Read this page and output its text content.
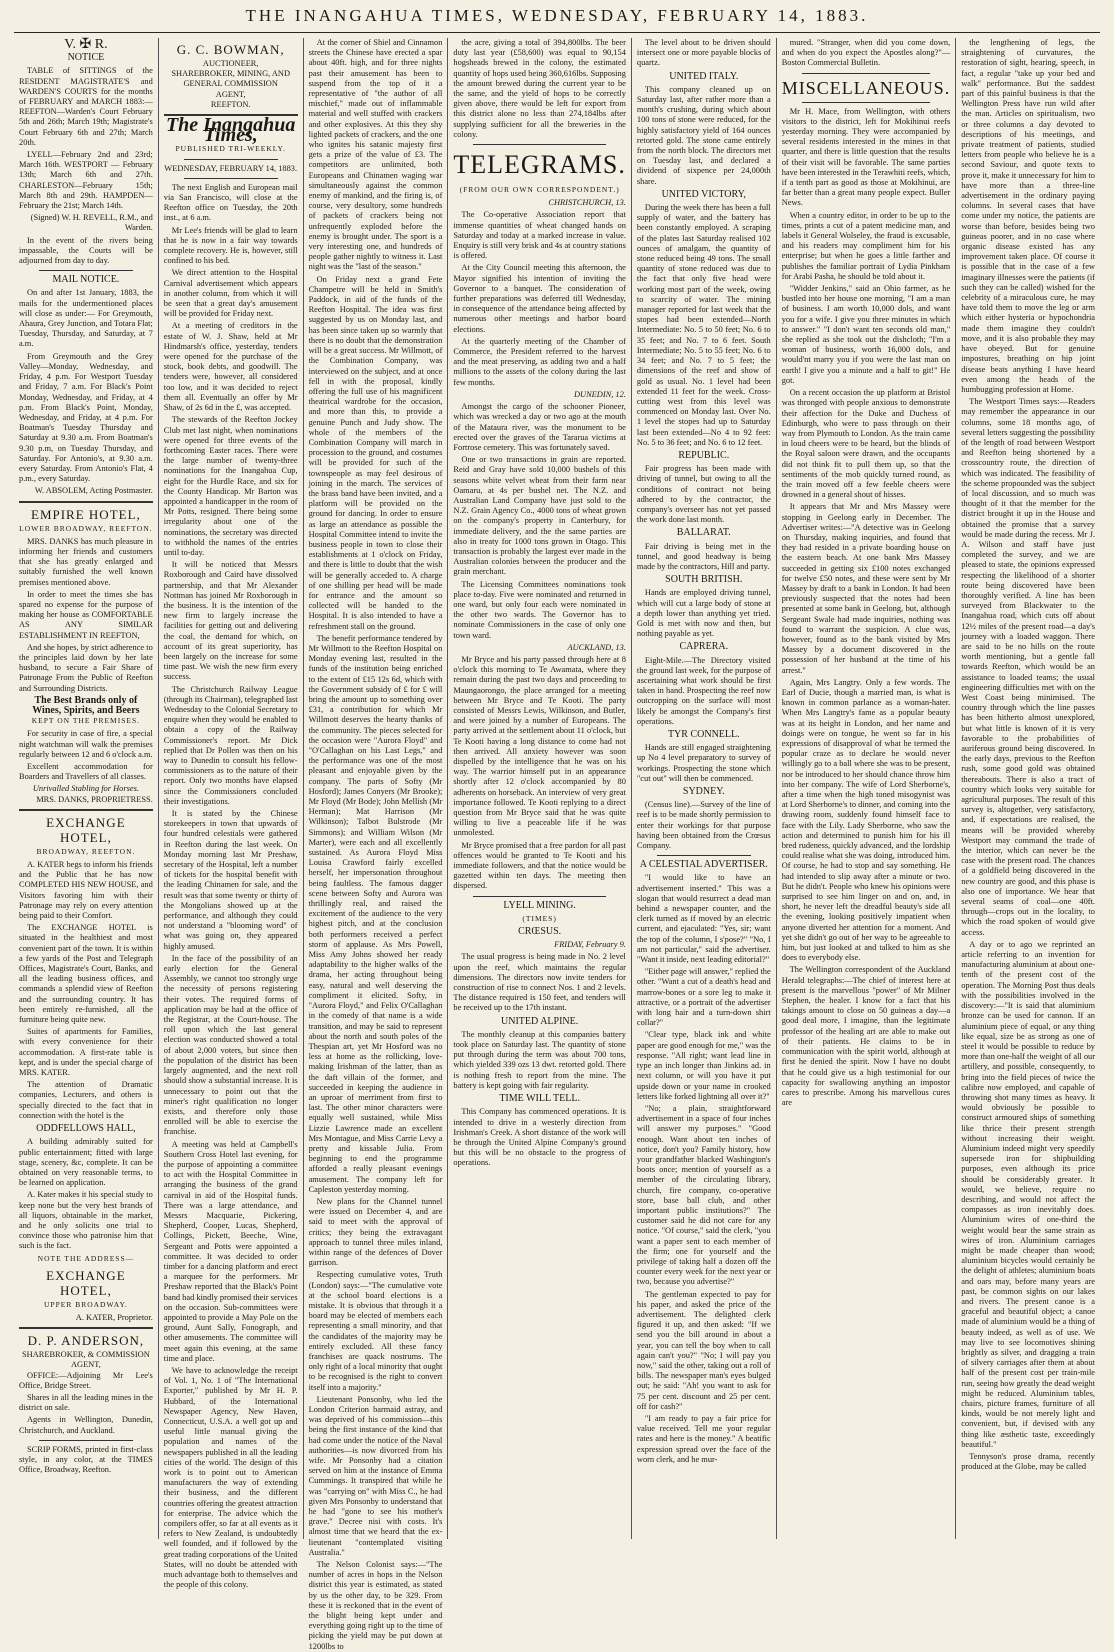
THE INANGAHUA TIMES, WEDNESDAY, FEBRUARY 14, 1883.
V. ✠ R.
NOTICE

TABLE of SITTINGS of the RESIDENT MAGISTRATE'S and WARDEN'S COURTS for the months of FEBRUARY and MARCH 1883:— REEFTON—Warden's Court February 5th and 26th; March 19th; Magistrate's Court February 6th and 27th; March 20th.

LYELL—February 2nd and 23rd; March 16th. WESTPORT — February 13th; March 6th and 27th. CHARLESTON—February 15th; March 8th and 29th. HAMPDEN—February the 21st; March 14th.

(Signed) W. H. REVELL, R.M., and Warden.

In the event of the rivers being impassable, the Courts will be adjourned from day to day.

MAIL NOTICE.

On and after 1st January, 1883, the mails for the undermentioned places will close as under:— For Greymouth, Ahaura, Grey Junction, and Totara Flat; Tuesday, Thursday, and Saturday, at 7 a.m.

From Greymouth and the Grey Valley—Monday, Wednesday, and Friday, 4 p.m. For Westport Tuesday and Friday, 7 a.m. For Black's Point Monday, Wednesday, and Friday, at 4 p.m. From Black's Point, Monday, Wednesday, and Friday, at 4 p.m. For Boatman's Tuesday Thursday and Saturday at 9.30 a.m. From Boatman's 9.30 p.m, on Tuesday Thursday, and Saturday. For Antonio's, at 9.30 a.m. every Saturday. From Antonio's Flat, 4 p.m., every Saturday.

W. ABSOLEM, Acting Postmaster.

EMPIRE HOTEL,
LOWER BROADWAY, REEFTON.

MRS. DANKS has much pleasure in informing her friends and customers that she has greatly enlarged and suitably furnished the well known premises mentioned above.

In order to meet the times she has spared no expense for the purpose of making her house as COMFORTABLE AS ANY SIMILAR ESTABLISHMENT IN REEFTON,

And she hopes, by strict adherence to the principles laid down by her late husband, to secure a Fair Share of Patronage From the Public of Reefton and Surrounding Districts.

The Best Brands only of Wines, Spirits, and Beers
KEPT ON THE PREMISES.

For security in case of fire, a special night watchman will walk the premises regularly between 12 and 6 o'clock a.m.

Excellent accommodation for Boarders and Travellers of all classes.

Unrivalled Stabling for Horses.

MRS. DANKS, PROPRIETRESS.

EXCHANGE HOTEL,
BROADWAY, REEFTON.

A. KATER begs to inform his friends and the Public that he has now COMPLETED HIS NEW HOUSE, and Visitors favoring him with their Patronage may rely on every attention being paid to their Comfort.

The EXCHANGE HOTEL is situated in the healthiest and most convenient part of the town. It is within a few yards of the Post and Telegraph Offices, Magistrate's Court, Banks, and all the leading business offices, and commands a splendid view of Reefton and the surrounding country. It has been entirely re-furnished, all the furniture being quite new.

Suites of apartments for Families, with every convenience for their accommodation. A first-rate table is kept, and is under the special charge of MRS. KATER.

The attention of Dramatic companies, Lecturers, and others is specially directed to the fact that in connection with the hotel is the

ODDFELLOWS HALL,

A building admirably suited for public entertainment; fitted with large stage, scenery, &c, complete. It can be obtained on very reasonable terms, to be learned on application.

A. Kater makes it his special study to keep none but the very best brands of all liquors, obtainable in the market, and he only solicits one trial to convince those who patronise him that such is the fact.

NOTE THE ADDRESS—
EXCHANGE HOTEL,
UPPER BROADWAY.

A. KATER, Proprietor.

D. P. ANDERSON,
SHAREBROKER, & COMMISSION AGENT,

OFFICE:—Adjoining Mr Lee's Office, Bridge Street.

Shares in all the leading mines in the district on sale.

Agents in Wellington, Dunedin, Christchurch, and Auckland.

SCRIP FORMS, printed in first-class style, in any color, at the TIMES Office, Broadway, Reefton.

G. C. BOWMAN,
AUCTIONEER,
SHAREBROKER, MINING, AND
GENERAL COMMISSION
AGENT,
REEFTON.
The Inangahua Times,
PUBLISHED TRI-WEEKLY.
WEDNESDAY, FEBRUARY 14, 1883.

The next English and European mail via San Francisco, will close at the Reefton office on Tuesday, the 20th inst., at 6 a.m.

Mr Lee's friends will be glad to learn that he is now in a fair way towards complete recovery. He is, however, still confined to his bed.

We direct attention to the Hospital Carnival advertisement which appears in another column, from which it will be seen that a great day's amusement will be provided for Friday next.

At a meeting of creditors in the estate of W. J. Shaw, held at Mr Hindmarsh's office, yesterday, tenders were opened for the purchase of the stock, book debts, and goodwill. The tenders were, however, all considered too low, and it was decided to reject them all. Eventually an offer by Mr Shaw, of 2s 6d in the £, was accepted.

The stewards of the Reefton Jockey Club met last night, when nominations were opened for three events of the forthcoming Easter races. There were the large number of twenty-three nominations for the Inangahua Cup, eight for the Hurdle Race, and six for the County Handicap. Mr Barton was appointed a handicapper in the room of Mr Potts, resigned. There being some irregularity about one of the nominations, the secretary was directed to withhold the names of the entries until to-day.

It will be noticed that Messrs Roxborough and Caird have dissolved partnership, and that Mr Alexander Nottman has joined Mr Roxborough in the business. It is the intention of the new firm to largely increase the facilities for getting out and delivering the coal, the demand for which, on account of its great superiority, has been largely on the increase for some time past. We wish the new firm every success.

The Christchurch Railway League (through its Chairman), telegraphed last Wednesday to the Colonial Secretary to enquire when they would be enabled to obtain a copy of the Railway Commissioner's report. Mr Dick replied that Dr Pollen was then on his way to Dunedin to consult his fellow-commissioners as to the nature of their report. Only two months have elapsed since the Commissioners concluded their investigations.

It is stated by the Chinese storekeepers in town that upwards of four hundred celestials were gathered in Reefton during the last week. On Monday morning last Mr Preshaw, secretary of the Hospital, left a number of tickets for the hospital benefit with the leading Chinamen for sale, and the result was that some twenty or thirty of the Mongolians showed up at the performance, and although they could not understand a "blooming word" of what was going on, they appeared highly amused.

In the face of the possibility of an early election for the General Assembly, we cannot too strongly urge the necessity of persons registering their votes. The required forms of application may be had at the office of the Registrar, at the Court-house. The roll upon which the last general election was conducted showed a total of about 2,000 voters, but since then the population of the district has been largely augmented, and the next roll should show a substantial increase. It is unnecessary to point out that the miner's right qualification no longer exists, and therefore only those enrolled will be able to exercise the franchise.

A meeting was held at Campbell's Southern Cross Hotel last evening, for the purpose of appointing a committee to act with the Hospital Committee in arranging the business of the grand carnival in aid of the Hospital funds. There was a large attendance, and Messrs Macquarie, Pickering, Shepherd, Cooper, Lucas, Shepherd, Collings, Pickett, Beeche, Wine, Sergeant and Potts were appointed a committee. It was decided to order timber for a dancing platform and erect a marquee for the performers. Mr Preshaw reported that the Black's Point band had kindly promised their services on the occasion. Sub-committees were appointed to provide a May Pole on the ground, Aunt Sally, Fonograph, and other amusements. The committee will meet again this evening, at the same time and place.

We have to acknowledge the receipt of Vol. 1, No. 1 of "The International Exporter," published by Mr H. P. Hubbard, of the International Newspaper Agency, New Haven, Connecticut, U.S.A. a well got up and useful little manual giving the population and names of the newspapers published in all the leading cities of the world. The design of this work is to point out to American manufacturers the way of extending their business, and the different countries offering the greatest attraction for enterprise. The advice which the compilers offer, so far at all events as it refers to New Zealand, is undoubtedly well founded, and if followed by the great trading corporations of the United States, will no doubt be attended with much advantage both to themselves and the people of this colony.

At the corner of Shiel and Cinnamon streets the Chinese have erected a spar about 40ft. high, and for three nights past their amusement has been to suspend from the top of it a representative of "the author of all mischief," made out of inflammable material and well stuffed with crackers and other explosives. At this they shy lighted packets of crackers, and the one who ignites his satanic majesty first gets a prize of the value of £3. The competitors are unlimited, both Europeans and Chinamen waging war simultaneously against the common enemy of mankind, and the firing is, of course, very desultory, some hundreds of packets of crackers being not unfrequently exploded before the enemy is brought under. The sport is a very interesting one, and hundreds of people gather nightly to witness it. Last night was the "last of the season."

On Friday next a grand Fete Champetre will be held in Smith's Paddock, in aid of the funds of the Reefton Hospital. The idea was first suggested by us on Monday last, and has been since taken up so warmly that there is no doubt that the demonstration will be a great success. Mr Willmott, of the Combination Company, was interviewed on the subject, and at once fell in with the proposal, kindly offering the full use of his magnificent theatrical wardrobe for the occasion, and more than this, to provide a genuine Punch and Judy show. The whole of the members of the Combination Company will march in procession to the ground, and costumes will be provided for such of the townspeople as may feel desirous of joining in the march. The services of the brass band have been invited, and a platform will be provided on the ground for dancing. In order to ensure as large an attendance as possible the Hospital Committee intend to invite the business people in town to close their establishments at 1 o'clock on Friday, and there is little to doubt that the wish will be generally acceded to. A charge of one shilling per head will be made for entrance and the amount so collected will be handed to the Hospital. It is also intended to have a refreshment stall on the ground.

The benefit performance tendered by Mr Willmott to the Reefton Hospital on Monday evening last, resulted in the funds of the institution being enriched to the extent of £15 12s 6d, which with the Government subsidy of £ for £ will bring the amount up to something over £31, a contribution for which Mr Willmott deserves the hearty thanks of the community. The pieces selected for the occasion were "Aurora Floyd" and "O'Callaghan on his Last Legs," and the performance was one of the most pleasant and enjoyable given by the company. The parts of Softy (Mr Hosford); James Conyers (Mr Brooke); Mr Floyd (Mr Bode); John Mellish (Mr Herman); Mat Harrison (Mr Wilkinson); Talbot Bulstrode (Mr Simmons); and William Wilson (Mr Marter), were each and all excellently sustained. As Aurora Floyd Miss Louisa Crawford fairly excelled herself, her impersonation throughout being faultless. The famous dagger scene between Softy and Aurora was thrillingly real, and raised the excitement of the audience to the very highest pitch, and at the conclusion both performers received a perfect storm of applause. As Mrs Powell, Miss Amy Johns showed her ready adaptability to the higher walks of the drama, her acting throughout being easy, natural and well deserving the compliment it elicited. Softy, in "Aurora Floyd," and Felix O'Callaghan in the comedy of that name is a wide transition, and may be said to represent about the north and south poles of the Thespian art, yet Mr Hosford was no less at home as the rollicking, love-making Irishman of the latter, than as the daft villain of the former, and succeeded in keeping the audience in an uproar of merriment from first to last. The other minor characters were equally well sustained, while Miss Lizzie Lawrence made an excellent Mrs Montague, and Miss Carrie Levy a pretty and kissable Julia. From beginning to end the programme afforded a really pleasant evenings amusement. The company left for Capleston yesterday morning.

New plans for the Channel tunnel were issued on December 4, and are said to meet with the approval of critics; they being the extravagant approach to tunnel three miles inland, within range of the defences of Dover garrison.

Respecting cumulative votes, Truth (London) says:—"The cumulative vote at the school board elections is a mistake. It is obvious that through it a board may be elected of members each representing a small minority, and that the candidates of the majority may be entirely excluded. All these fancy franchises are quack nostrums. The only right of a local minority that ought to be recognised is the right to convert itself into a majority."

Lieutenant Ponsonby, who led the London Criterion barmaid astray, and was deprived of his commission—this being the first instance of the kind that had come under the notice of the Naval authorities—is now divorced from his wife. Mr Ponsonby had a citation served on him at the instance of Emma Cummings. It transpired that while he was "carrying on" with Miss C., he had given Mrs Ponsonby to understand that he had "gone to see his mother's grave." Decree nisi with costs. It's almost time that we heard that the ex-lieutenant "contemplated visiting Australia."

The Nelson Colonist says:—"The number of acres in hops in the Nelson district this year is estimated, as stated by us the other day, to be 329. From these it is reckoned that in the event of the blight being kept under and everything going right up to the time of picking the yield may be put down at 1200lbs to

the acre, giving a total of 394,800lbs. The beer duty last year (£58,600) was equal to 90,154 hogsheads brewed in the colony, the estimated quantity of hops used being 360,616lbs. Supposing the amount brewed during the current year to be the same, and the yield of hops to be correctly given above, there would be left for export from this district alone no less than 274,184lbs after supplying sufficient for all the breweries in the colony.

TELEGRAMS.
(FROM OUR OWN CORRESPONDENT.)
CHRISTCHURCH, 13.

The Co-operative Association report that immense quantities of wheat changed hands on Saturday and today at a marked increase in value. Enquiry is still very brisk and 4s at country stations is offered.

At the City Council meeting this afternoon, the Mayor signified his intention of inviting the Governor to a banquet. The consideration of further preparations was deferred till Wednesday, in consequence of the attendance being affected by numerous other meetings and harbor board elections.

At the quarterly meeting of the Chamber of Commerce, the President referred to the harvest and the meat preserving, as adding two and a half millions to the assets of the colony during the last few months.

DUNEDIN, 12.

Amongst the cargo of the schooner Pioneer, which was wrecked a day or two ago at the mouth of the Mataura river, was the monument to be erected over the graves of the Tararua victims at Fortrose cemetery. This was fortunately saved.

One or two transactions in grain are reported. Reid and Gray have sold 10,000 bushels of this seasons white velvet wheat from their farm near Oamaru, at 4s per bushel net. The N.Z. and Australian Land Company have just sold to the N.Z. Grain Agency Co., 4000 tons of wheat grown on the company's property in Canterbury, for immediate delivery, and the the same parties are also in treaty for 1000 tons grown in Otago. This transaction is probably the largest ever made in the Australian colonies between the producer and the grain merchant.

The Licensing Committees nominations took place to-day. Five were nominated and returned in one ward, but only four each were nominated in the other two wards. The Governor has to nominate Commissioners in the case of only one town ward.

AUCKLAND, 13.

Mr Bryce and his party passed through here at 8 o'clock this morning to Te Awamata, where they remain during the past two days and proceeding to Maungaorongo, the place arranged for a meeting between Mr Bryce and Te Kooti. The party consisted of Messrs Lewis, Wilkinson, and Butler, and were joined by a number of Europeans. The party arrived at the settlement about 11 o'clock, but Te Kooti having a long distance to come had not then arrived. All anxiety however was soon dispelled by the intelligence that he was on his way. The warrior himself put in an appearance shortly after 12 o'clock accompanied by 80 adherents on horseback. An interview of very great importance followed. Te Kooti replying to a direct question from Mr Bryce said that he was quite willing to live a peaceable life if he was unmolested.

Mr Bryce promised that a free pardon for all past offences would be granted to Te Kooti and his immediate followers, and that the notice would be gazetted within ten days. The meeting then dispersed.

LYELL MINING.
(TIMES)
CRŒSUS.
FRIDAY, February 9.

The usual progress is being made in No. 2 level upon the reef, which maintains the regular dimensions. The directors now invite tenders for construction of rise to connect Nos. 1 and 2 levels. The distance required is 150 feet, and tenders will be received up to the 17th instant.

UNITED ALPINE.

The monthly cleanup at this companies battery took place on Saturday last. The quantity of stone put through during the term was about 700 tons, which yielded 339 ozs 13 dwt. retorted gold. There is nothing fresh to report from the mine. The battery is kept going with fair regularity.

TIME WILL TELL.

This Company has commenced operations. It is intended to drive in a westerly direction from Irishman's Creek. A short distance of the work will be through the United Alpine Company's ground but this will be no obstacle to the progress of operations.

The level about to be driven should intersect one or more payable blocks of quartz.

UNITED ITALY.

This company cleaned up on Saturday last, after rather more than a month's crushing, during which about 100 tons of stone were reduced, for the highly satisfactory yield of 164 ounces retorted gold. The stone came entirely from the north block. The directors met on Tuesday last, and declared a dividend of sixpence per 24,000th share.

UNITED VICTORY,

During the week there has been a full supply of water, and the battery has been constantly employed. A scraping of the plates last Saturday realised 102 ounces of amalgam, the quantity of stone reduced being 49 tons. The small quantity of stone reduced was due to the fact that only five head were working most part of the week, owing to scarcity of water. The mining manager reported for last week that the stopes had been extended—North Intermediate: No. 5 to 50 feet; No. 6 to 35 feet; and No. 7 to 6 feet. South Intermediate; No. 5 to 55 feet; No. 6 to 34 feet; and No. 7 to 5 feet; the dimensions of the reef and show of gold as usual. No. 1 level had been extended 11 feet for the week. Cross-cutting west from this level was commenced on Monday last. Over No. 1 level the stopes had up to Saturday last been extended—No 4 to 92 feet: No. 5 to 36 feet; and No. 6 to 12 feet.

REPUBLIC.

Fair progress has been made with driving of tunnel, but owing to all the conditions of contract not being adhered to by the contractor, the company's overseer has not yet passed the work done last month.

BALLARAT.

Fair driving is being met in the tunnel, and good headway is being made by the contractors, Hill and party.

SOUTH BRITISH.

Hands are employed driving tunnel, which will cut a large body of stone at a depth lower than anything yet tried. Gold is met with now and then, but nothing payable as yet.

CAPRERA.

Eight-Mile.—The Directory visited the ground last week, for the purpose of ascertaining what work should be first taken in hand. Prospecting the reef now outcropping on the surface will most likely be amongst the Company's first operations.

TYR CONNELL.

Hands are still engaged straightening up No 4 level preparatory to survey of workings. Prospecting the stone which "cut out" will then be commenced.

SYDNEY.

(Census line).—Survey of the line of reef is to be made shortly permission to enter their workings for that purpose having been obtained from the Crœsus Company.

A CELESTIAL ADVERTISER.

"I would like to have an advertisement inserted." This was a slogan that would resurrect a dead man behind a newspaper counter, and the clerk turned as if moved by an electric current, and ejaculated: "Yes, sir; want the top of the column, I s'pose?" "No, I am not particular," said the advertiser. "Want it inside, next leading editorial?"

"Either page will answer," replied the other. "Want a cut of a death's head and marrow-bones or a sore leg to make it attractive, or a portrait of the advertiser with long hair and a turn-down shirt collar?"

"Clear type, black ink and white paper are good enough for me," was the response. "All right; want lead line in type an inch longer than Jinkins ad. in next column, or will you have it put upside down or your name in crooked letters like forked lightning all over it?"

"No; a plain, straightforward advertisement in a space of four inches will answer my purposes." "Good enough. Want about ten inches of notice, don't you? Family history, how your grandfather blacked Washington's boots once; mention of yourself as a member of the circulating library, church, fire company, co-operative store, base ball club, and other important public institutions?" The customer said he did not care for any notice. "Of course," said the clerk, "you want a paper sent to each member of the firm; one for yourself and the privilege of taking half a dozen off the counter every week for the next year or two, because you advertise?"

The gentleman expected to pay for his paper, and asked the price of the advertisement. The delighted clerk figured it up, and then asked: "If we send you the bill around in about a year, you can tell the boy when to call again can't you?" "No; I will pay you now," said the other, taking out a roll of bills. The newspaper man's eyes bulged out; he said: "Ah! you want to ask for 75 per cent. discount and 25 per cent. off for cash?"

"I am ready to pay a fair price for value received. Tell me your regular rates and here is the money." A beatific expression spread over the face of the worn clerk, and he mur-

mured. "Stranger, when did you come down, and when do you expect the Apostles along?"—Boston Commercial Bulletin.

MISCELLANEOUS.

Mr H. Mace, from Wellington, with others visitors to the district, left for Mokihinui reefs yesterday morning. They were accompanied by several residents interested in the mines in that quarter, and there is little question that the results of their visit will be favorable. The same parties have been interested in the Terawhiti reefs, which, if a tenth part as good as those at Mokihinui, are far better than a great many people expect. Buller News.

When a country editor, in order to be up to the times, prints a cut of a patent medicine man, and labels it General Wolseley, the fraud is excusable, and his readers may compliment him for his enterprise; but when he goes a little farther and publishes the familiar portrait of Lydia Pinkham for Arabi Pasha, he should be told about it.

"Widder Jenkins," said an Ohio farmer, as he bustled into her house one morning, "I am a man of business. I am worth 10,000 dols, and want you for a wife. I give you three minutes in which to answer." "I don't want ten seconds old man," she replied as she took out the dishcloth; "I'm a woman of business, worth 16,000 dols, and would'nt marry you if you were the last man on earth! I give you a minute and a half to git!" He got.

On a recent occasion the up platform at Bristol was thronged with people anxious to demonstrate their affection for the Duke and Duchess of Edinburgh, who were to pass through on their way from Plymouth to London. As the train came in loud cheers were to be heard, but the blinds of the Royal saloon were drawn, and the occupants did not think fit to pull them up, so that the sentiments of the mob quickly turned round, as the train moved off a few feeble cheers were drowned in a general shout of hisses.

It appears that Mr and Mrs Massey were stopping in Geelong early in December. The Advertiser writes:—"A detective was in Geelong on Thursday, making inquiries, and found that they had resided in a private boarding house on the eastern beach. At one bank Mrs Massey succeeded in getting six £100 notes exchanged for twelve £50 notes, and these were sent by Mr Massey by draft to a bank in London. It had been previously suspected that the notes had been presented at some bank in Geelong, but, although Sergeant Swale had made inquiries, nothing was found to warrant the suspicion. A clue was, however, found as to the bank visited by Mrs Massey by a document discovered in the possession of her husband at the time of his arrest."

Again, Mrs Langtry. Only a few words. The Earl of Ducie, though a married man, is what is known in common parlance as a woman-hater. When Mrs Langtry's fame as a popular beauty was at its height in London, and her name and doings were on tongue, he went so far in his expressions of disapproval of what he termed the popular craze as to declare he would never willingly go to a ball where she was to be present, nor be introduced to her should chance throw him into her company. The wife of Lord Sherborne's, after a time when the high toned misogynist was at Lord Sherborne's to dinner, and coming into the drawing room, suddenly found himself face to face with the Lily. Lady Sherborne, who saw the action and determined to punish him for his ill bred rudeness, quickly advanced, and the lordship could realise what she was doing, introduced him. Of course, he had to stop and say something. He had intended to slip away after a minute or two. But he didn't. People who knew his opinions were surprised to see him linger on and on, and, in short, he never left the dreadful beauty's side all the evening, looking positively impatient when anyone diverted her attention for a moment. And yet she didn't go out of her way to be agreeable to him, but just looked at and talked to him as she does to everybody else.

The Wellington correspondent of the Auckland Herald telegraphs:—The chief of interest here at present is the marvellous "power" of Mr Milner Stephen, the healer. I know for a fact that his takings amount to close on 50 guineas a day—a good deal more, I imagine, than the legitimate professor of the healing art are able to make out of their patients. He claims to be in communication with the spirit world, although at first he denied the spirit. Now I have no doubt that he could give us a high testimonial for our capacity for swallowing anything an impostor cares to prescribe. Among his marvellous cures are

the lengthening of legs, the straightening of curvatures, the restoration of sight, hearing, speech, in fact, a regular "take up your bed and walk" performance. But the saddest part of this painful business is that the Wellington Press have run wild after the man. Articles on spiritualism, two or three columns a day devoted to descriptions of his meetings, and private treatment of patients, studied letters from people who believe he is a second Saviour, and quote texts to prove it, make it unnecessary for him to have more than a three-line advertisement in the ordinary paying columns. In several cases that have come under my notice, the patients are worse than before, besides being two guineas poorer, and in no case where organic disease existed has any improvement taken place. Of course it is possible that in the case of a few imaginary illnesses were the patients (if such they can be called) wished for the celebrity of a miraculous cure, he may have told them to move the leg or arm which either hysteria or hypochondria made them imagine they couldn't move, and it is also probable they may have obeyed. But for genuine impostures, breathing on hip joint disease beats anything I have heard even among the heads of the humbugging profession at Home.

The Westport Times says:—Readers may remember the appearance in our columns, some 18 months ago, of several letters suggesting the possibility of the length of road between Westport and Reefton being shortened by a crosscountry route, the direction of which was indicated. The feasibility of the scheme propounded was the subject of local discussion, and so much was thought of it that the member for the district brought it up in the House and obtained the promise that a survey would be made during the recess. Mr J. A. Wilson and staff have just completed the survey, and we are pleased to state, the opinions expressed respecting the likelihood of a shorter route being discovered have been thoroughly verified. A line has been surveyed from Blackwater to the Inangahua road, which cuts off about 12½ miles of the present road—a day's journey with a loaded waggon. There are said to be no hills on the route worth mentioning, but a gentle fall towards Reefton, which would be an assistance to loaded teams; the usual engineering difficulties met with on the West Coast being minimised. The country through which the line passes has been hitherto almost unexplored, but what little is known of it is very favorable to the probabilities of auriferous ground being discovered. In the early days, previous to the Reefton rush, some good gold was obtained thereabouts. There is also a tract of country which looks very suitable for agricultural purposes. The result of this survey is, altogether, very satisfactory, and, if expectations are realised, the means will be provided whereby Westport may command the trade of the interior, which can never be the case with the present road. The chances of a goldfield being discovered in the new country are good, and this phase is also one of importance. We hear that several seams of coal—one 40ft. through—crops out in the locality, to which the road spoken of would give access.

A day or to ago we reprinted an article referring to an invention for manufacturing aluminium at about one-tenth of the present cost of the operation. The Morning Post thus deals with the possibilities involved in the discovery:—"It is said that aluminium bronze can be used for cannon. If an aluminium piece of equal, or any thing like equal, size be as strong as one of steel it would be possible to reduce by more than one-half the weight of all our artillery, and possible, consequently, to bring into the field pieces of twice the calibre now employed, and capable of throwing shot many times as heavy. It would obviously be possible to construct armoured ships of something like thrice their present strength without increasing their weight. Aluminium indeed might very speedily supersede iron for shipbuilding purposes, even although its price should be considerably greater. It would, we believe, require no describing, and would not affect the compasses as iron inevitably does. Aluminium wires of one-third the weight would bear the same strain as wires of iron. Aluminium carriages might be made cheaper than wood; aluminium bicycles would certainly be the delight of athletes; aluminium boats and oars may, before many years are past, be common sights on our lakes and rivers. The present canoe is a graceful and beautiful object; a canoe made of aluminium would be a thing of beauty indeed, as well as of use. We may live to see locomotives shining brightly as silver, and dragging a train of silvery carriages after them at about half of the present cost per train-mile run, seeing how greatly the dead weight might be reduced. Aluminium tables, chairs, picture frames, furniture of all kinds, would be not merely light and convenient, but, if devised with any thing like æsthetic taste, exceedingly beautiful."

Tennyson's prose drama, recently produced at the Globe, may be called
